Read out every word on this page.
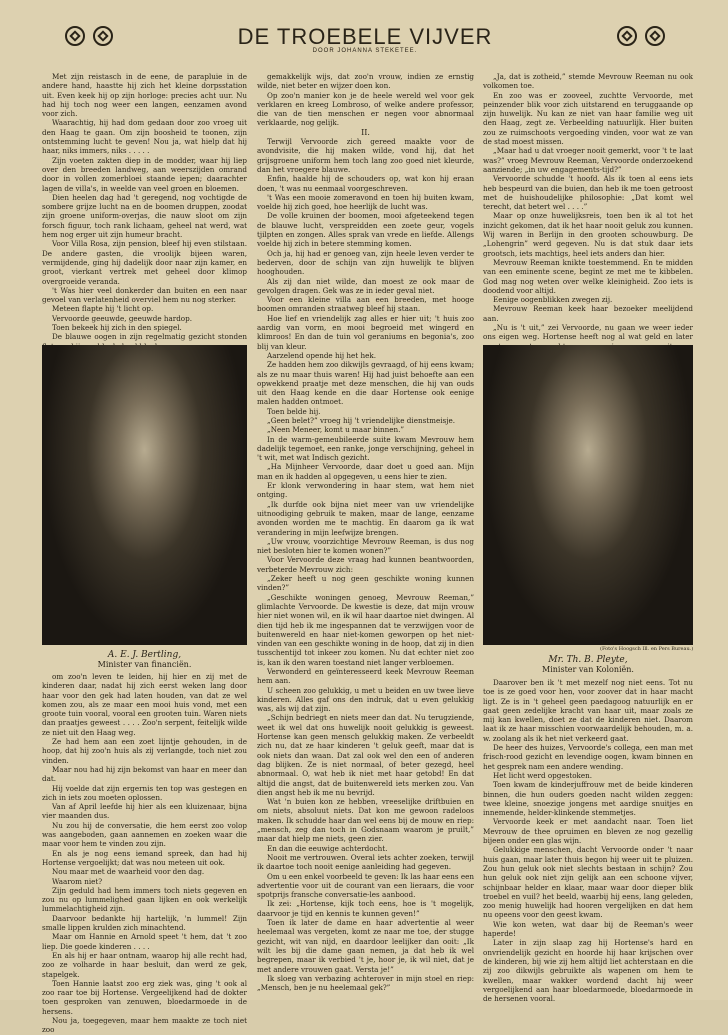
DE TROEBELE VIJVER
DOOR JOHANNA STEKETEE.

Met zijn reistasch in de eene, de parapluie in de andere hand, haastte hij zich het kleine dorpsstation uit. Even keek hij op zijn horloge: precies acht uur. Nu had hij toch nog weer een langen, eenzamen avond voor zich.

Waarachtig, hij had dom gedaan door zoo vroeg uit den Haag te gaan. Om zijn boosheid te toonen, zijn ontstemming lucht te geven! Nou ja, wat hielp dat hij haar, niks immers, niks . . . . .

Zijn voeten zakten diep in de modder, waar hij liep over den breeden landweg, aan weerszijden omrand door in vollen zomerbloei staande iepen; daarachter lagen de villa's, in weelde van veel groen en bloemen.

Dien heelen dag had 't geregend, nog vochtigde de sombere grijze lucht na en de boomen druppen, zoodat zijn groene uniform-overjas, die nauw sloot om zijn forsch figuur, toch rank lichaam, geheel nat werd, wat hem nog erger uit zijn humeur bracht.

Voor Villa Rosa, zijn pension, bleef hij even stilstaan. De andere gasten, die vroolijk bijeen waren, vermijdende, ging hij dadelijk door naar zijn kamer, en groot, vierkant vertrek met geheel door klimop overgroeide veranda.

't Was hier veel donkerder dan buiten en een naar gevoel van verlatenheid overviel hem nu nog sterker.

Meteen flapte hij 't licht op.

Vervoorde geeuwde, geeuwde hardop.

Toen bekeek hij zich in den spiegel.

De blauwe oogen in zijn regelmatig gezicht stonden

A. E. J. Bertling,
Minister van financiën.

om zoo'n leven te leiden, hij hier en zij met de kinderen daar, nadat hij zich eerst weken lang door haar voor den gek had laten houden, van dat ze wel komen zou, als ze maar een mooi huis vond, met een groote tuin vooral, vooral een grooten tuin. Waren niets dan praatjes geweest . . . . Zoo'n serpent, feitelijk wilde ze niet uit den Haag weg.

Ze had hem aan een zoet lijntje gehouden, in de hoop, dat hij zoo'n huis als zij verlangde, toch niet zou vinden.

Maar nou had hij zijn bekomst van haar en meer dan dat.

Hij voelde dat zijn ergernis ten top was gestegen en zich in iets zou moeten oplossen.

Van af April leefde hij hier als een kluizenaar, bijna vier maanden dus.

Nu zou hij de conversatie, die hem eerst zoo volop was aangeboden, gaan aannemen en zoeken waar die maar voor hem te vinden zou zijn.

En als je nog eens iemand spreek, dan had hij Hortense vergoelijkt; dat was nou meteen uit ook.

Nou maar met de waarheid voor den dag.

Waarom niet?

Zijn geduld had hem immers toch niets gegeven en zou nu op lummelighed gaan lijken en ook werkelijk lummelachtigheid zijn.

Daarvoor bedankte hij hartelijk, 'n lummel! Zijn smalle lippen krulden zich minachtend.

Maar om Hannie en Arnold speet 't hem, dat 't zoo liep. Die goede kinderen . . . .

En als hij er haar ontnam, waarop hij alle recht had, zoo ze volharde in haar besluit, dan werd ze gek, stapelgek.

Toen Hannie laatst zoo erg ziek was, ging 't ook al zoo raar toe bij Hortense. Vergeelijkend had de dokter toen gesproken van zenuwen, bloedarmoede in de hersens.

Nou ja, toegegeven, maar hem maakte ze toch niet zoo

gemakkelijk wijs, dat zoo'n vrouw, indien ze ernstig wilde, niet beter en wijzer doen kon.

Op zoo'n manier kon je de heele wereld wel voor gek verklaren en kreeg Lombroso, of welke andere professor, die van de tien menschen er negen voor abnormaal verklaarde, nog gelijk.

II.

Terwijl Vervoorde zich gereed maakte voor de avondvisite, die hij maken wilde, vond hij, dat het grijsgroene uniform hem toch lang zoo goed niet kleurde, dan het vroegere blauwe.

Enfin, haalde hij de schouders op, wat kon hij eraan doen, 't was nu eenmaal voorgeschreven.

't Was een mooie zomeravond en toen hij buiten kwam, voelde hij zich goed, hoe heerlijk de lucht was.

De volle kruinen der boomen, mooi afgeteekend tegen de blauwe lucht, verspreidden een zoete geur, vogels tjilpten en zongen. Alles sprak van vrede en liefde. Allengs voelde hij zich in betere stemming komen.

Och ja, hij had er genoeg van, zijn heele leven verder te bederven, door de schijn van zijn huwelijk te blijven hooghouden.

Als zij dan niet wilde, dan moest ze ook maar de gevolgen dragen. Gek was ze in ieder geval niet.

Voor een kleine villa aan een breeden, met hooge boomen omranden straatweg bleef hij staan.

Hoe lief en vriendelijk zag alles er hier uit; 't huis zoo aardig van vorm, en mooi begroeid met wingerd en klimroos! En dan de tuin vol geraniums en begonia's, zoo blij van kleur.

Aarzelend opende hij het hek.

Ze hadden hem zoo dikwijls gevraagd, of hij eens kwam; als ze nu maar thuis waren! Hij had juist behoefte aan een opwekkend praatje met deze menschen, die hij van ouds uit den Haag kende en die daar Hortense ook eenige malen hadden ontmoet.

Toen belde hij.

„Geen belet?” vroeg hij 't vriendelijke dienstmeisje.

„Neen Meneer, komt u maar binnen.”

In de warm-gemeubileerde suite kwam Mevrouw hem dadelijk tegemoet, een ranke, jonge verschijning, geheel in 't wit, met wat Indisch gezicht.

„Ha Mijnheer Vervoorde, daar doet u goed aan. Mijn man en ik hadden al opgegeven, u eens hier te zien.

Er klonk verwondering in haar stem, wat hem niet ontging.

„Ik durfde ook bijna niet meer van uw vriendelijke uitnoodiging gebruik te maken, maar de lange, eenzame avonden worden me te machtig. En daarom ga ik wat verandering in mijn leefwijze brengen.

„Uw vrouw, voorzichtige Mevrouw Reeman, is dus nog niet besloten hier te komen wonen?”

Voor Vervoorde deze vraag had kunnen beantwoorden, verbeterde Mevrouw zich:

„Zeker heeft u nog geen geschikte woning kunnen vinden?”

„Geschikte woningen genoeg, Mevrouw Reeman,” glimlachte Vervoorde. De kwestie is deze, dat mijn vrouw hier niet wonen wil, en ik wil haar daartoe niet dwingen. Al dien tijd heb ik me ingespannen dat te verzwijgen voor de buitenwereld en haar niet-komen geworpen op het niet-vinden van een geschikte woning in de hoop, dat zij in dien tusschentijd tot inkeer zou komen. Nu dat echter niet zoo is, kan ik den waren toestand niet langer verbloemen.

Verwonderd en geïnteresseerd keek Mevrouw Reeman hem aan.

U scheen zoo gelukkig, u met u beiden en uw twee lieve kinderen. Alles gaf ons den indruk, dat u even gelukkig was, als wij dat zijn.

„Schijn bedriegt en niets meer dan dat. Nu terugziende, weet ik wel dat ons huwelijk nooit gelukkig is geweest. Hortense kan geen mensch gelukkig maken. Ze verbeeldt zich nu, dat ze haar kinderen 't geluk geeft, maar dat is ook niets dan waan. Dat zal ook wel den een of anderen dag blijken. Ze is niet normaal, of beter gezegd, heel abnormaal. O, wat heb ik niet met haar getobd! En dat altijd die angst, dat de buitenwereld iets merken zou. Van dien angst heb ik me nu bevrijd.

Wat 'n buien kon ze hebben, vreeselijke driftbuien en om niets, absoluut niets. Dat kon me gewoon radeloos maken. Ik schudde haar dan wel eens bij de mouw en riep: „mensch, zeg dan toch in Godsnaam waarom je pruilt,” maar dat hielp me niets, geen zier.

En dan die eeuwige achterdocht.

Nooit me vertrouwen. Overal iets achter zoeken, terwijl ik daartoe toch nooit eenige aanleiding had gegeven.

Om u een enkel voorbeeld te geven: Ik las haar eens een advertentie voor uit de courant van een lieraars, die voor spotprijs fransche conversatie-les aanbood.

Ik zei: „Hortense, kijk toch eens, hoe is 't mogelijk, daarvoor je tijd en kennis te kunnen geven!”

Toen ik later de dame en haar advertentie al weer heelemaal was vergeten, komt ze naar me toe, der stugge gezicht, wit van nijd, en daardoor leelijker dan ooit: „Ik wilt les bij die dame gaan nemen, ja dat heb ik wel begrepen, maar ik verbied 't je, hoor je, ik wil niet, dat je met andere vrouwen gaat. Versta je!”

Ik sloeg van verbazing achterover in mijn stoel en riep: „Mensch, ben je nu heelemaal gek?”

„Ja, dat is zotheid,” stemde Mevrouw Reeman nu ook volkomen toe.

En zoo was er zooveel, zuchtte Vervoorde, met peinzender blik voor zich uitstarend en teruggaande op zijn huwelijk. Nu kan ze niet van haar familie weg uit den Haag, zegt ze. Verbeelding natuurlijk. Hier buiten zou ze ruimschoots vergoeding vinden, voor wat ze van de stad moest missen.

„Maar had u dat vroeger nooit gemerkt, voor 't te laat was?” vroeg Mevrouw Reeman, Vervoorde onderzoekend aanziende; „in uw engagements-tijd?”

Vervoorde schudde 't hoofd. Als ik toen al eens iets heb bespeurd van die buien, dan heb ik me toen getroost met de huishoudelijke philosophie: „Dat komt wel terecht, dat betert wel . . . .”

Maar op onze huwelijksreis, toen ben ik al tot het inzicht gekomen, dat ik het haar nooit geluk zou kunnen. Wij waren in Berlijn in den grooten schouwburg. De „Lohengrin” werd gegeven. Nu is dat stuk daar iets grootsch, iets machtigs, heel iets anders dan hier.

Mevrouw Reeman knikte toestemmend. En te midden van een eminente scene, begint ze met me te kibbelen. God mag nog weten over welke kleinigheid. Zoo iets is doodend voor altijd.

Eenige oogenblikken zwegen zij.

Mevrouw Reeman keek haar bezoeker meelijdend aan.

„Nu is 't uit,” zei Vervoorde, nu gaan we weer ieder ons eigen weg. Hortense heeft nog al wat geld en later

(Foto's Hoogsch Ill. en Pers Bureau.)
Mr. Th. B. Pleyte,
Minister van Koloniën.

Daarover ben ik 't met mezelf nog niet eens. Tot nu toe is ze goed voor hen, voor zoover dat in haar macht ligt. Ze is in 't geheel geen paedagoog natuurlijk en er gaat geen zedelijke kracht van haar uit, maar zoals ze mij kan kwellen, doet ze dat de kinderen niet. Daarom laat ik ze haar misschien voorwaardelijk behouden, m. a. w. zoolang als ik het niet verkeerd gaat.

De heer des huizes, Vervoorde's collega, een man met frisch-rood gezicht en levendige oogen, kwam binnen en het gesprek nam een andere wending.

Het licht werd opgestoken.

Toen kwam de kinderjuffrouw met de beide kinderen binnen, die hun ouders goeden nacht wilden zeggen: twee kleine, snoezige jongens met aardige snuitjes en innemende, helder-klinkende stemmetjes.

Vervoorde keek er met aandacht naar. Toen liet Mevrouw de thee opruimen en bleven ze nog gezellig bijeen onder een glas wijn.

Gelukkige menschen, dacht Vervoorde onder 't naar huis gaan, maar later thuis begon hij weer uit te pluizen. Zou hun geluk ook niet slechts bestaan in schijn? Zou hun geluk ook niet zijn gelijk aan een schoone vijver, schijnbaar helder en klaar, maar waar door dieper blik troebel en vuil? het beeld, waarbij hij eens, lang geleden, zoo menig huwelijk had hooren vergelijken en dat hem nu opeens voor den geest kwam.

Wie kon weten, wat daar bij de Reeman's weer haperde!

Later in zijn slaap zag hij Hortense's hard en onvriendelijk gezicht en hoorde hij haar krijschen over de kinderen, bij wie zij hem altijd liet achterstaan en die zij zoo dikwijls gebruikte als wapenen om hem te kwellen, maar wakker wordend dacht hij weer vergoelijkend aan haar bloedarmoede, bloedarmoede in de hersenen vooral.
